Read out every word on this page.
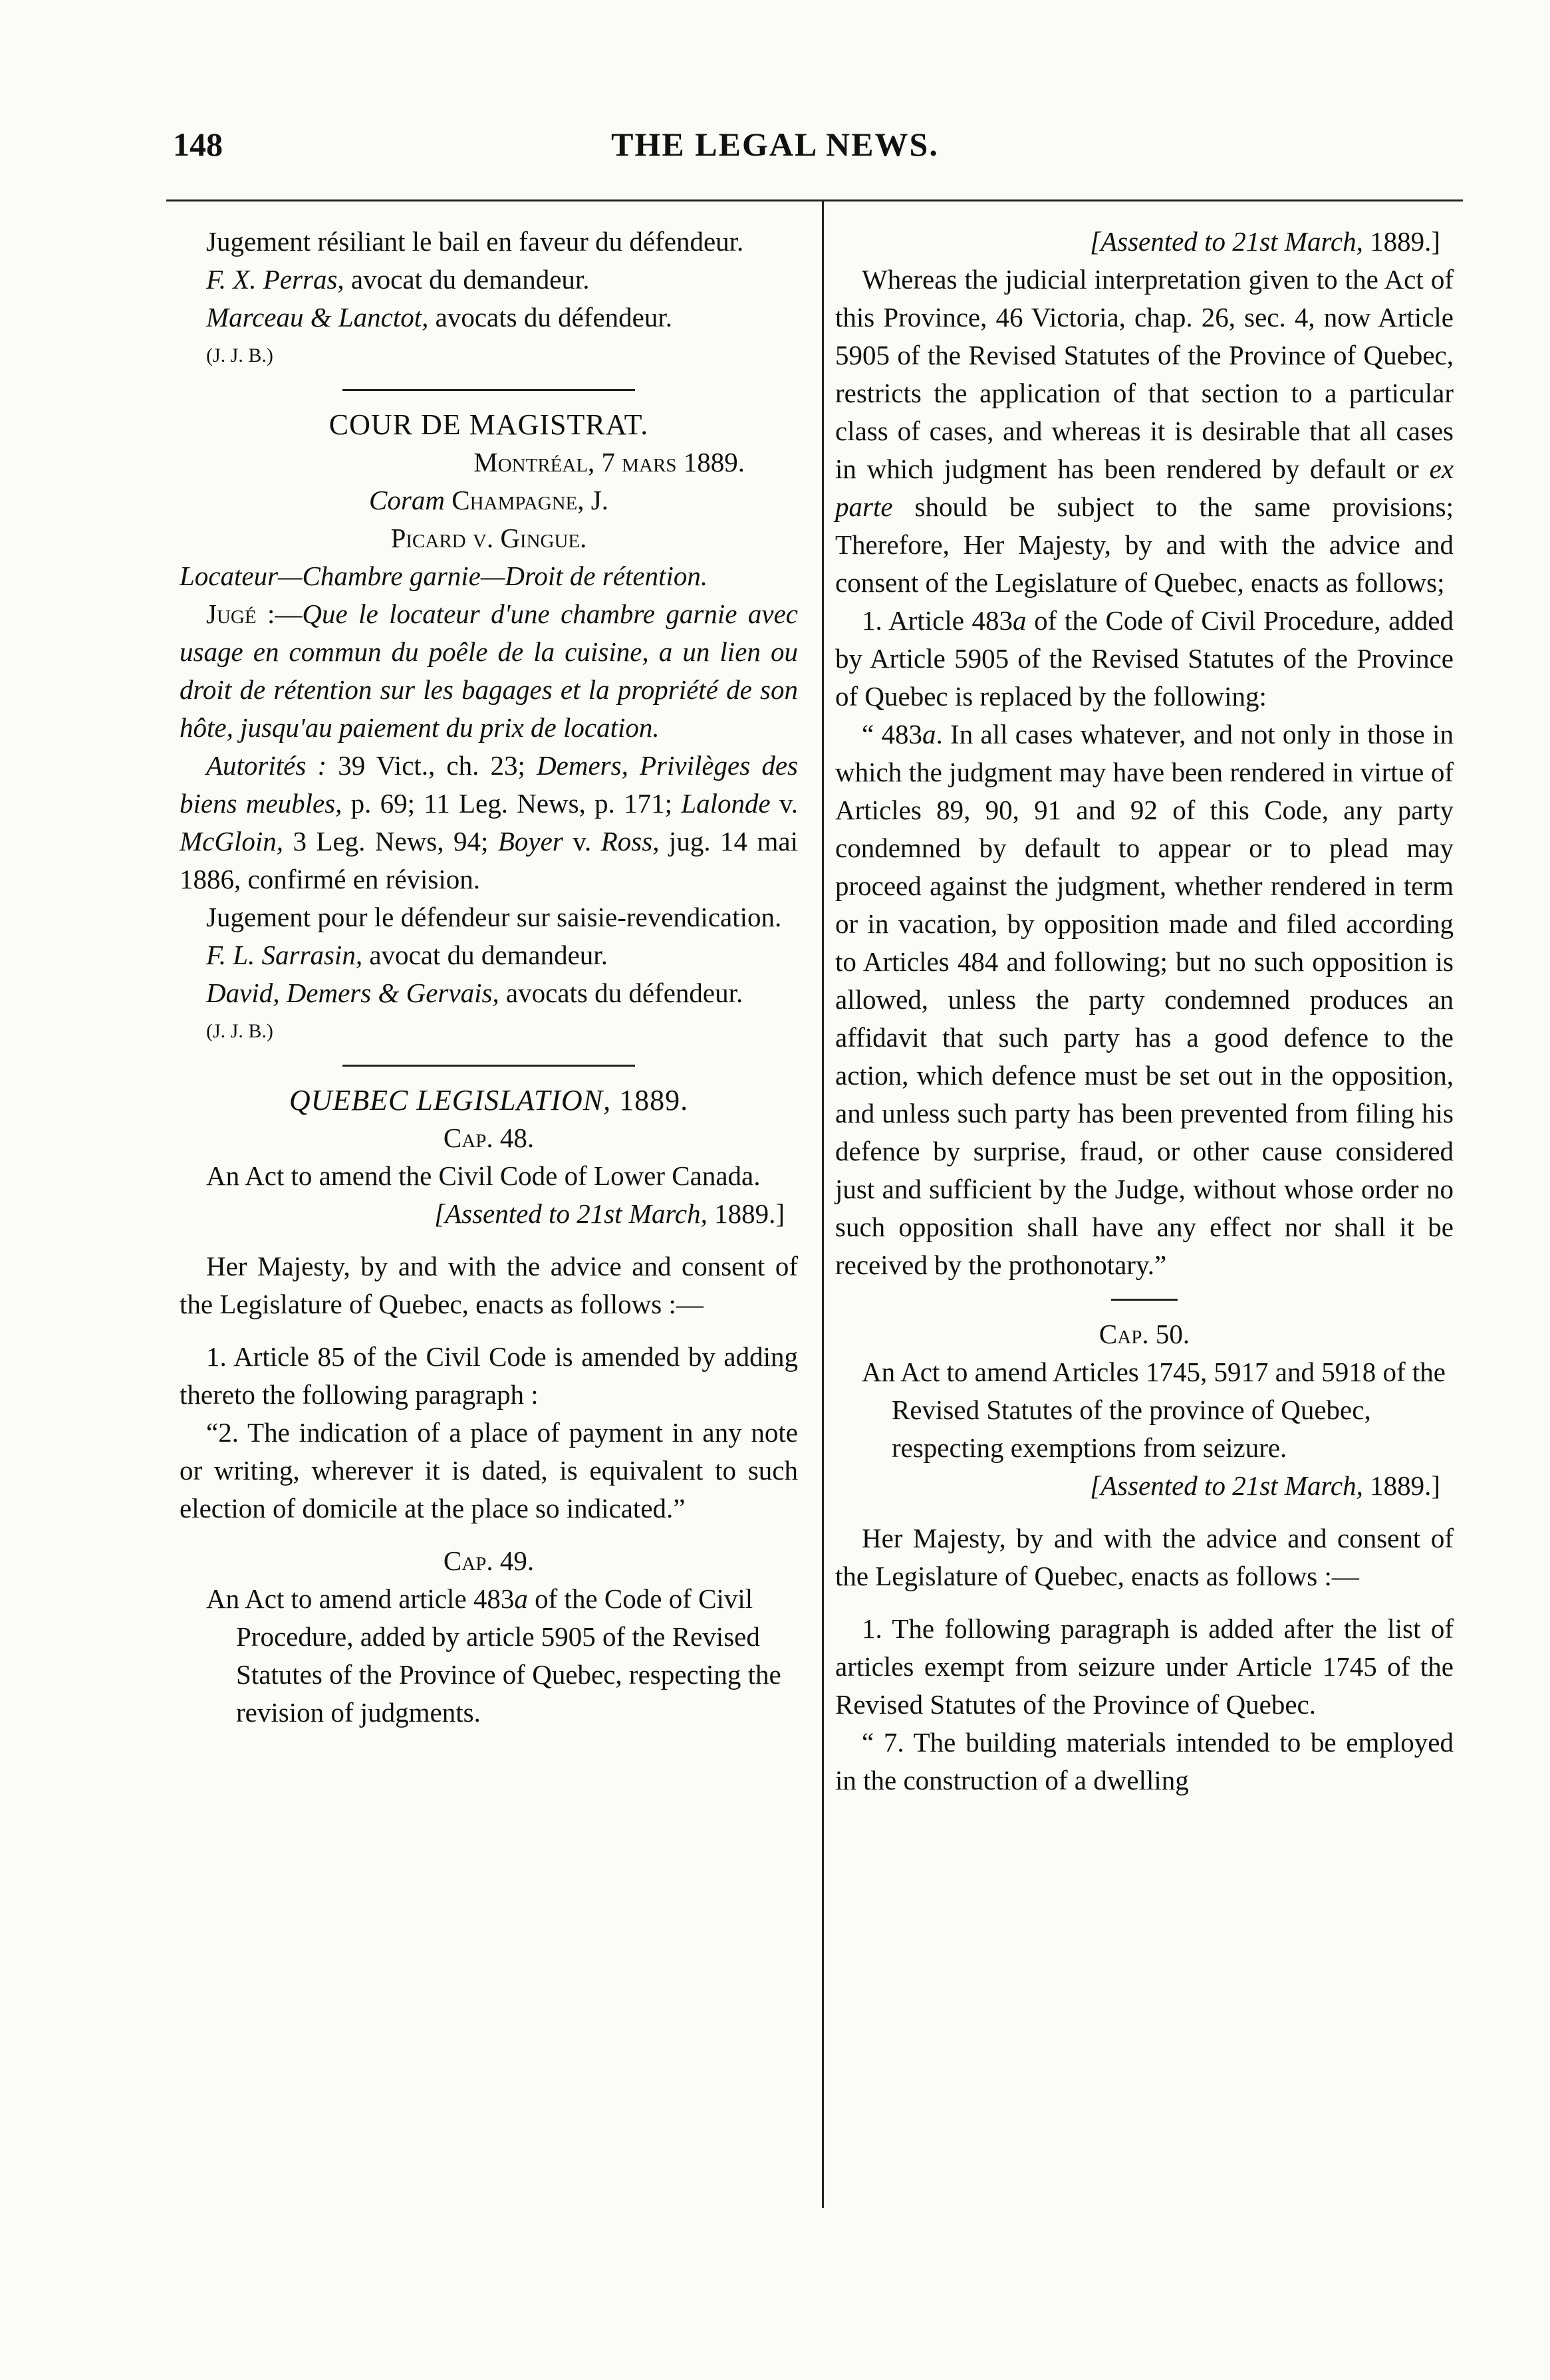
148	THE LEGAL NEWS.

Jugement résiliant le bail en faveur du défendeur.

F. X. Perras, avocat du demandeur.

Marceau & Lanctot, avocats du défendeur.

(J. J. B.)

COUR DE MAGISTRAT.

Montréal, 7 mars 1889.

Coram Champagne, J.

Picard v. Gingue.

Locateur—Chambre garnie—Droit de rétention.

Jugé :—Que le locateur d'une chambre garnie avec usage en commun du poêle de la cuisine, a un lien ou droit de rétention sur les bagages et la propriété de son hôte, jusqu'au paiement du prix de location.

Autorités : 39 Vict., ch. 23; Demers, Privilèges des biens meubles, p. 69; 11 Leg. News, p. 171; Lalonde v. McGloin, 3 Leg. News, 94; Boyer v. Ross, jug. 14 mai 1886, confirmé en révision.

Jugement pour le défendeur sur saisie-revendication.

F. L. Sarrasin, avocat du demandeur.

David, Demers & Gervais, avocats du défendeur.

(J. J. B.)

QUEBEC LEGISLATION, 1889.

Cap. 48.

An Act to amend the Civil Code of Lower Canada.

[Assented to 21st March, 1889.]

Her Majesty, by and with the advice and consent of the Legislature of Quebec, enacts as follows :—

1. Article 85 of the Civil Code is amended by adding thereto the following paragraph :

“2. The indication of a place of payment in any note or writing, wherever it is dated, is equivalent to such election of domicile at the place so indicated.”

Cap. 49.

An Act to amend article 483a of the Code of Civil Procedure, added by article 5905 of the Revised Statutes of the Province of Quebec, respecting the revision of judgments.

[Assented to 21st March, 1889.]

Whereas the judicial interpretation given to the Act of this Province, 46 Victoria, chap. 26, sec. 4, now Article 5905 of the Revised Statutes of the Province of Quebec, restricts the application of that section to a particular class of cases, and whereas it is desirable that all cases in which judgment has been rendered by default or ex parte should be subject to the same provisions; Therefore, Her Majesty, by and with the advice and consent of the Legislature of Quebec, enacts as follows;

1. Article 483a of the Code of Civil Procedure, added by Article 5905 of the Revised Statutes of the Province of Quebec is replaced by the following:

“ 483a. In all cases whatever, and not only in those in which the judgment may have been rendered in virtue of Articles 89, 90, 91 and 92 of this Code, any party condemned by default to appear or to plead may proceed against the judgment, whether rendered in term or in vacation, by opposition made and filed according to Articles 484 and following; but no such opposition is allowed, unless the party condemned produces an affidavit that such party has a good defence to the action, which defence must be set out in the opposition, and unless such party has been prevented from filing his defence by surprise, fraud, or other cause considered just and sufficient by the Judge, without whose order no such opposition shall have any effect nor shall it be received by the prothonotary.”

Cap. 50.

An Act to amend Articles 1745, 5917 and 5918 of the Revised Statutes of the province of Quebec, respecting exemptions from seizure.

[Assented to 21st March, 1889.]

Her Majesty, by and with the advice and consent of the Legislature of Quebec, enacts as follows :—

1. The following paragraph is added after the list of articles exempt from seizure under Article 1745 of the Revised Statutes of the Province of Quebec.

“ 7. The building materials intended to be employed in the construction of a dwelling
